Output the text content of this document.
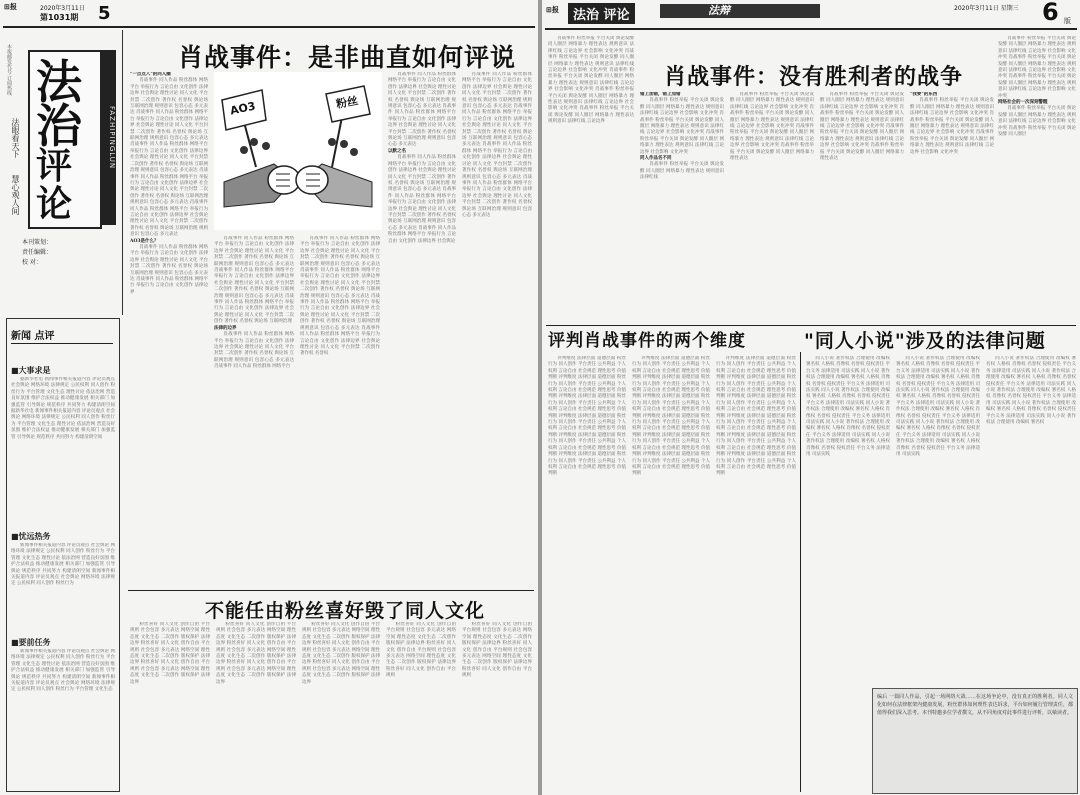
⊞报	2020年3月11日
第1031期 5
本报邮发代号·订阅热线 法
治
评
论
FAZHIPINGLUN
法眼看天下
慧心观人间
本刊策划：
责任编辑：
校 对：
新闻 点评
■大事求是
　　据新华社电 新闻事件相关报道内容 评论员观点 社会舆论 网络环境 法律规定 公民权利 同人创作 粉丝行为 平台管理 文化生态 理性讨论 依法治网 营造良好氛围 维护合法权益 推动健康发展 相关部门 加强监管 引导舆论 规范秩序 共同努力 构建清朗空间 据新华社电 新闻事件相关报道内容 评论员观点 社会舆论 网络环境 法律规定 公民权利 同人创作 粉丝行为 平台管理 文化生态 理性讨论 依法治网 营造良好氛围 维护合法权益 推动健康发展 相关部门 加强监管 引导舆论 规范秩序 共同努力 构建清朗空间
■忧远热务
　　新闻事件相关报道内容 评论员观点 社会舆论 网络环境 法律规定 公民权利 同人创作 粉丝行为 平台管理 文化生态 理性讨论 依法治网 营造良好氛围 维护合法权益 推动健康发展 相关部门 加强监管 引导舆论 规范秩序 共同努力 构建清朗空间 新闻事件相关报道内容 评论员观点 社会舆论 网络环境 法律规定 公民权利 同人创作 粉丝行为
■要前任务
　　新闻事件相关报道内容 评论员观点 社会舆论 网络环境 法律规定 公民权利 同人创作 粉丝行为 平台管理 文化生态 理性讨论 依法治网 营造良好氛围 维护合法权益 推动健康发展 相关部门 加强监管 引导舆论 规范秩序 共同努力 构建清朗空间 新闻事件相关报道内容 评论员观点 社会舆论 网络环境 法律规定 公民权利 同人创作 粉丝行为 平台管理 文化生态
肖战事件：是非曲直如何评说
"一点点入"的同人圈
　　肖战事件 同人作品 粉丝群体 网络平台 举报行为 言论自由 文化创作 法律边界 社会舆论 理性讨论 同人文化 平台封禁 二次创作 著作权 名誉权 舆论场 互联网治理 规则意识 包容心态 多元表达 肖战事件 同人作品 粉丝群体 网络平台 举报行为 言论自由 文化创作 法律边界 社会舆论 理性讨论 同人文化 平台封禁 二次创作 著作权 名誉权 舆论场 互联网治理 规则意识 包容心态 多元表达 肖战事件 同人作品 粉丝群体 网络平台 举报行为 言论自由 文化创作 法律边界 社会舆论 理性讨论 同人文化 平台封禁 二次创作 著作权 名誉权 舆论场 互联网治理 规则意识 包容心态 多元表达 肖战事件 同人作品 粉丝群体 网络平台 举报行为 言论自由 文化创作 法律边界 社会舆论 理性讨论 同人文化 平台封禁 二次创作 著作权 名誉权 舆论场 互联网治理 规则意识 包容心态 多元表达 肖战事件 同人作品 粉丝群体 网络平台 举报行为 言论自由 文化创作 法律边界 社会舆论 理性讨论 同人文化 平台封禁 二次创作 著作权 名誉权 舆论场 互联网治理 规则意识 包容心态 多元表达
AO3是什么？
　　肖战事件 同人作品 粉丝群体 网络平台 举报行为 言论自由 文化创作 法律边界 社会舆论 理性讨论 同人文化 平台封禁 二次创作 著作权 名誉权 舆论场 互联网治理 规则意识 包容心态 多元表达 肖战事件 同人作品 粉丝群体 网络平台 举报行为 言论自由 文化创作 法律边界
AO3	粉丝
　　肖战事件 同人作品 粉丝群体 网络平台 举报行为 言论自由 文化创作 法律边界 社会舆论 理性讨论 同人文化 平台封禁 二次创作 著作权 名誉权 舆论场 互联网治理 规则意识 包容心态 多元表达 肖战事件 同人作品 粉丝群体 网络平台 举报行为 言论自由 文化创作 法律边界 社会舆论 理性讨论 同人文化 平台封禁 二次创作 著作权 名誉权 舆论场 互联网治理 规则意识 包容心态 多元表达 肖战事件 同人作品 粉丝群体 网络平台 举报行为 言论自由 文化创作 法律边界 社会舆论 理性讨论 同人文化 平台封禁 二次创作 著作权 名誉权 舆论场 互联网治理
法律的边界
　　肖战事件 同人作品 粉丝群体 网络平台 举报行为 言论自由 文化创作 法律边界 社会舆论 理性讨论 同人文化 平台封禁 二次创作 著作权 名誉权 舆论场 互联网治理 规则意识 包容心态 多元表达 肖战事件 同人作品 粉丝群体 网络平台
　　肖战事件 同人作品 粉丝群体 网络平台 举报行为 言论自由 文化创作 法律边界 社会舆论 理性讨论 同人文化 平台封禁 二次创作 著作权 名誉权 舆论场 互联网治理 规则意识 包容心态 多元表达 肖战事件 同人作品 粉丝群体 网络平台 举报行为 言论自由 文化创作 法律边界 社会舆论 理性讨论 同人文化 平台封禁 二次创作 著作权 名誉权 舆论场 互联网治理 规则意识 包容心态 多元表达 肖战事件 同人作品 粉丝群体 网络平台 举报行为 言论自由 文化创作 法律边界 社会舆论 理性讨论 同人文化 平台封禁 二次创作 著作权 名誉权 舆论场 互联网治理 规则意识 包容心态 多元表达 肖战事件 同人作品 粉丝群体 网络平台 举报行为 言论自由 文化创作 法律边界 社会舆论 理性讨论 同人文化 平台封禁 二次创作 著作权 名誉权
　　肖战事件 同人作品 粉丝群体 网络平台 举报行为 言论自由 文化创作 法律边界 社会舆论 理性讨论 同人文化 平台封禁 二次创作 著作权 名誉权 舆论场 互联网治理 规则意识 包容心态 多元表达 肖战事件 同人作品 粉丝群体 网络平台 举报行为 言论自由 文化创作 法律边界 社会舆论 理性讨论 同人文化 平台封禁 二次创作 著作权 名誉权 舆论场 互联网治理 规则意识 包容心态 多元表达
以默之名
　　肖战事件 同人作品 粉丝群体 网络平台 举报行为 言论自由 文化创作 法律边界 社会舆论 理性讨论 同人文化 平台封禁 二次创作 著作权 名誉权 舆论场 互联网治理 规则意识 包容心态 多元表达 肖战事件 同人作品 粉丝群体 网络平台 举报行为 言论自由 文化创作 法律边界 社会舆论 理性讨论 同人文化 平台封禁 二次创作 著作权 名誉权 舆论场 互联网治理 规则意识 包容心态 多元表达 肖战事件 同人作品 粉丝群体 网络平台 举报行为 言论自由 文化创作 法律边界 社会舆论
　　肖战事件 同人作品 粉丝群体 网络平台 举报行为 言论自由 文化创作 法律边界 社会舆论 理性讨论 同人文化 平台封禁 二次创作 著作权 名誉权 舆论场 互联网治理 规则意识 包容心态 多元表达 肖战事件 同人作品 粉丝群体 网络平台 举报行为 言论自由 文化创作 法律边界 社会舆论 理性讨论 同人文化 平台封禁 二次创作 著作权 名誉权 舆论场 互联网治理 规则意识 包容心态 多元表达 肖战事件 同人作品 粉丝群体 网络平台 举报行为 言论自由 文化创作 法律边界 社会舆论 理性讨论 同人文化 平台封禁 二次创作 著作权 名誉权 舆论场 互联网治理 规则意识 包容心态 多元表达 肖战事件 同人作品 粉丝群体 网络平台 举报行为 言论自由 文化创作 法律边界 社会舆论 理性讨论 同人文化 平台封禁 二次创作 著作权 名誉权 舆论场 互联网治理 规则意识 包容心态 多元表达
不能任由粉丝喜好毁了同人文化
　　粉丝喜好 同人文化 创作自由 平台规则 社会包容 多元表达 网络空间 理性态度 文化生态 二次创作 版权保护 法律边界 粉丝喜好 同人文化 创作自由 平台规则 社会包容 多元表达 网络空间 理性态度 文化生态 二次创作 版权保护 法律边界 粉丝喜好 同人文化 创作自由 平台规则 社会包容 多元表达 网络空间 理性态度 文化生态 二次创作 版权保护 法律边界
　　粉丝喜好 同人文化 创作自由 平台规则 社会包容 多元表达 网络空间 理性态度 文化生态 二次创作 版权保护 法律边界 粉丝喜好 同人文化 创作自由 平台规则 社会包容 多元表达 网络空间 理性态度 文化生态 二次创作 版权保护 法律边界 粉丝喜好 同人文化 创作自由 平台规则 社会包容 多元表达 网络空间 理性态度 文化生态 二次创作 版权保护 法律边界
　　粉丝喜好 同人文化 创作自由 平台规则 社会包容 多元表达 网络空间 理性态度 文化生态 二次创作 版权保护 法律边界 粉丝喜好 同人文化 创作自由 平台规则 社会包容 多元表达 网络空间 理性态度 文化生态 二次创作 版权保护 法律边界 粉丝喜好 同人文化 创作自由 平台规则 社会包容 多元表达 网络空间 理性态度 文化生态 二次创作 版权保护 法律边界
　　粉丝喜好 同人文化 创作自由 平台规则 社会包容 多元表达 网络空间 理性态度 文化生态 二次创作 版权保护 法律边界 粉丝喜好 同人文化 创作自由 平台规则 社会包容 多元表达 网络空间 理性态度 文化生态 二次创作 版权保护 法律边界 粉丝喜好 同人文化 创作自由 平台规则
　　粉丝喜好 同人文化 创作自由 平台规则 社会包容 多元表达 网络空间 理性态度 文化生态 二次创作 版权保护 法律边界 粉丝喜好 同人文化 创作自由 平台规则 社会包容 多元表达 网络空间 理性态度 文化生态 二次创作 版权保护 法律边界 粉丝喜好 同人文化 创作自由 平台规则
⊞报	法治 评论	法辩	2020年3月11日 星期三 6 版
　　肖战事件 粉丝举报 平台关闭 舆论发酵 同人圈层 网络暴力 理性表达 规则意识 法律红线 言论边界 社会影响 文化冲突 肖战事件 粉丝举报 平台关闭 舆论发酵 同人圈层 网络暴力 理性表达 规则意识 法律红线 言论边界 社会影响 文化冲突 肖战事件 粉丝举报 平台关闭 舆论发酵 同人圈层 网络暴力 理性表达 规则意识 法律红线 言论边界 社会影响 文化冲突 肖战事件 粉丝举报 平台关闭 舆论发酵 同人圈层 网络暴力 理性表达 规则意识 法律红线 言论边界 社会影响 文化冲突 肖战事件 粉丝举报 平台关闭 舆论发酵 同人圈层 网络暴力 理性表达 规则意识 法律红线 言论边界
肖战事件：没有胜利者的战争
错上加错，错上加错
　　肖战事件 粉丝举报 平台关闭 舆论发酵 同人圈层 网络暴力 理性表达 规则意识 法律红线 言论边界 社会影响 文化冲突 肖战事件 粉丝举报 平台关闭 舆论发酵 同人圈层 网络暴力 理性表达 规则意识 法律红线 言论边界 社会影响 文化冲突 肖战事件 粉丝举报 平台关闭 舆论发酵 同人圈层 网络暴力 理性表达 规则意识 法律红线 言论边界 社会影响 文化冲突
同人作品名不同
　　肖战事件 粉丝举报 平台关闭 舆论发酵 同人圈层 网络暴力 理性表达 规则意识 法律红线
　　肖战事件 粉丝举报 平台关闭 舆论发酵 同人圈层 网络暴力 理性表达 规则意识 法律红线 言论边界 社会影响 文化冲突 肖战事件 粉丝举报 平台关闭 舆论发酵 同人圈层 网络暴力 理性表达 规则意识 法律红线 言论边界 社会影响 文化冲突 肖战事件 粉丝举报 平台关闭 舆论发酵 同人圈层 网络暴力 理性表达 规则意识 法律红线 言论边界 社会影响 文化冲突 肖战事件 粉丝举报 平台关闭 舆论发酵 同人圈层 网络暴力 理性表达
　　肖战事件 粉丝举报 平台关闭 舆论发酵 同人圈层 网络暴力 理性表达 规则意识 法律红线 言论边界 社会影响 文化冲突 肖战事件 粉丝举报 平台关闭 舆论发酵 同人圈层 网络暴力 理性表达 规则意识 法律红线 言论边界 社会影响 文化冲突 肖战事件 粉丝举报 平台关闭 舆论发酵 同人圈层 网络暴力 理性表达 规则意识 法律红线 言论边界 社会影响 文化冲突 肖战事件 粉丝举报 平台关闭 舆论发酵 同人圈层 网络暴力 理性表达
"我要"的东西
　　肖战事件 粉丝举报 平台关闭 舆论发酵 同人圈层 网络暴力 理性表达 规则意识 法律红线 言论边界 社会影响 文化冲突 肖战事件 粉丝举报 平台关闭 舆论发酵 同人圈层 网络暴力 理性表达 规则意识 法律红线 言论边界 社会影响 文化冲突 肖战事件 粉丝举报 平台关闭 舆论发酵 同人圈层 网络暴力 理性表达 规则意识 法律红线 言论边界 社会影响 文化冲突
　　肖战事件 粉丝举报 平台关闭 舆论发酵 同人圈层 网络暴力 理性表达 规则意识 法律红线 言论边界 社会影响 文化冲突 肖战事件 粉丝举报 平台关闭 舆论发酵 同人圈层 网络暴力 理性表达 规则意识 法律红线 言论边界 社会影响 文化冲突 肖战事件 粉丝举报 平台关闭 舆论发酵 同人圈层 网络暴力 理性表达 规则意识 法律红线 言论边界 社会影响 文化冲突
网络社会的一次深刻警醒
　　肖战事件 粉丝举报 平台关闭 舆论发酵 同人圈层 网络暴力 理性表达 规则意识 法律红线 言论边界 社会影响 文化冲突 肖战事件 粉丝举报 平台关闭 舆论发酵 同人圈层
评判肖战事件的两个维度	"同人小说"涉及的法律问题
　　评判维度 法律层面 道德层面 粉丝行为 同人创作 平台责任 公共利益 个人权利 言论自由 社会规范 理性思考 价值判断 评判维度 法律层面 道德层面 粉丝行为 同人创作 平台责任 公共利益 个人权利 言论自由 社会规范 理性思考 价值判断 评判维度 法律层面 道德层面 粉丝行为 同人创作 平台责任 公共利益 个人权利 言论自由 社会规范 理性思考 价值判断 评判维度 法律层面 道德层面 粉丝行为 同人创作 平台责任 公共利益 个人权利 言论自由 社会规范 理性思考 价值判断 评判维度 法律层面 道德层面 粉丝行为 同人创作 平台责任 公共利益 个人权利 言论自由 社会规范 理性思考 价值判断 评判维度 法律层面 道德层面 粉丝行为 同人创作 平台责任 公共利益 个人权利 言论自由 社会规范 理性思考 价值判断
　　评判维度 法律层面 道德层面 粉丝行为 同人创作 平台责任 公共利益 个人权利 言论自由 社会规范 理性思考 价值判断 评判维度 法律层面 道德层面 粉丝行为 同人创作 平台责任 公共利益 个人权利 言论自由 社会规范 理性思考 价值判断 评判维度 法律层面 道德层面 粉丝行为 同人创作 平台责任 公共利益 个人权利 言论自由 社会规范 理性思考 价值判断 评判维度 法律层面 道德层面 粉丝行为 同人创作 平台责任 公共利益 个人权利 言论自由 社会规范 理性思考 价值判断 评判维度 法律层面 道德层面 粉丝行为 同人创作 平台责任 公共利益 个人权利 言论自由 社会规范 理性思考 价值判断 评判维度 法律层面 道德层面 粉丝行为 同人创作 平台责任 公共利益 个人权利 言论自由 社会规范 理性思考 价值判断
　　评判维度 法律层面 道德层面 粉丝行为 同人创作 平台责任 公共利益 个人权利 言论自由 社会规范 理性思考 价值判断 评判维度 法律层面 道德层面 粉丝行为 同人创作 平台责任 公共利益 个人权利 言论自由 社会规范 理性思考 价值判断 评判维度 法律层面 道德层面 粉丝行为 同人创作 平台责任 公共利益 个人权利 言论自由 社会规范 理性思考 价值判断 评判维度 法律层面 道德层面 粉丝行为 同人创作 平台责任 公共利益 个人权利 言论自由 社会规范 理性思考 价值判断 评判维度 法律层面 道德层面 粉丝行为 同人创作 平台责任 公共利益 个人权利 言论自由 社会规范 理性思考 价值判断 评判维度 法律层面 道德层面 粉丝行为 同人创作 平台责任 公共利益 个人权利 言论自由 社会规范 理性思考 价值判断
　　同人小说 著作权法 合理使用 改编权 署名权 人格权 肖像权 名誉权 侵权责任 平台义务 法律适用 司法实践 同人小说 著作权法 合理使用 改编权 署名权 人格权 肖像权 名誉权 侵权责任 平台义务 法律适用 司法实践 同人小说 著作权法 合理使用 改编权 署名权 人格权 肖像权 名誉权 侵权责任 平台义务 法律适用 司法实践 同人小说 著作权法 合理使用 改编权 署名权 人格权 肖像权 名誉权 侵权责任 平台义务 法律适用 司法实践 同人小说 著作权法 合理使用 改编权 署名权 人格权 肖像权 名誉权 侵权责任 平台义务 法律适用 司法实践 同人小说 著作权法 合理使用 改编权 署名权 人格权 肖像权 名誉权 侵权责任 平台义务 法律适用 司法实践
　　同人小说 著作权法 合理使用 改编权 署名权 人格权 肖像权 名誉权 侵权责任 平台义务 法律适用 司法实践 同人小说 著作权法 合理使用 改编权 署名权 人格权 肖像权 名誉权 侵权责任 平台义务 法律适用 司法实践 同人小说 著作权法 合理使用 改编权 署名权 人格权 肖像权 名誉权 侵权责任 平台义务 法律适用 司法实践 同人小说 著作权法 合理使用 改编权 署名权 人格权 肖像权 名誉权 侵权责任 平台义务 法律适用 司法实践 同人小说 著作权法 合理使用 改编权 署名权 人格权 肖像权 名誉权 侵权责任 平台义务 法律适用 司法实践 同人小说 著作权法 合理使用 改编权 署名权 人格权 肖像权 名誉权 侵权责任 平台义务 法律适用 司法实践
　　同人小说 著作权法 合理使用 改编权 署名权 人格权 肖像权 名誉权 侵权责任 平台义务 法律适用 司法实践 同人小说 著作权法 合理使用 改编权 署名权 人格权 肖像权 名誉权 侵权责任 平台义务 法律适用 司法实践 同人小说 著作权法 合理使用 改编权 署名权 人格权 肖像权 名誉权 侵权责任 平台义务 法律适用 司法实践 同人小说 著作权法 合理使用 改编权 署名权 人格权 肖像权 名誉权 侵权责任 平台义务 法律适用 司法实践 同人小说 著作权法 合理使用 改编权 署名权
编后 一篇同人作品，引起一场网络大战……在这场争论中，没有真正的胜利者。同人文化如何在法律框架内健康发展，粉丝群体如何理性表达诉求，平台如何履行管理责任，都值得我们深入思考。本刊特邀多位学者撰文，从不同角度对此事件进行评析，以飨读者。
